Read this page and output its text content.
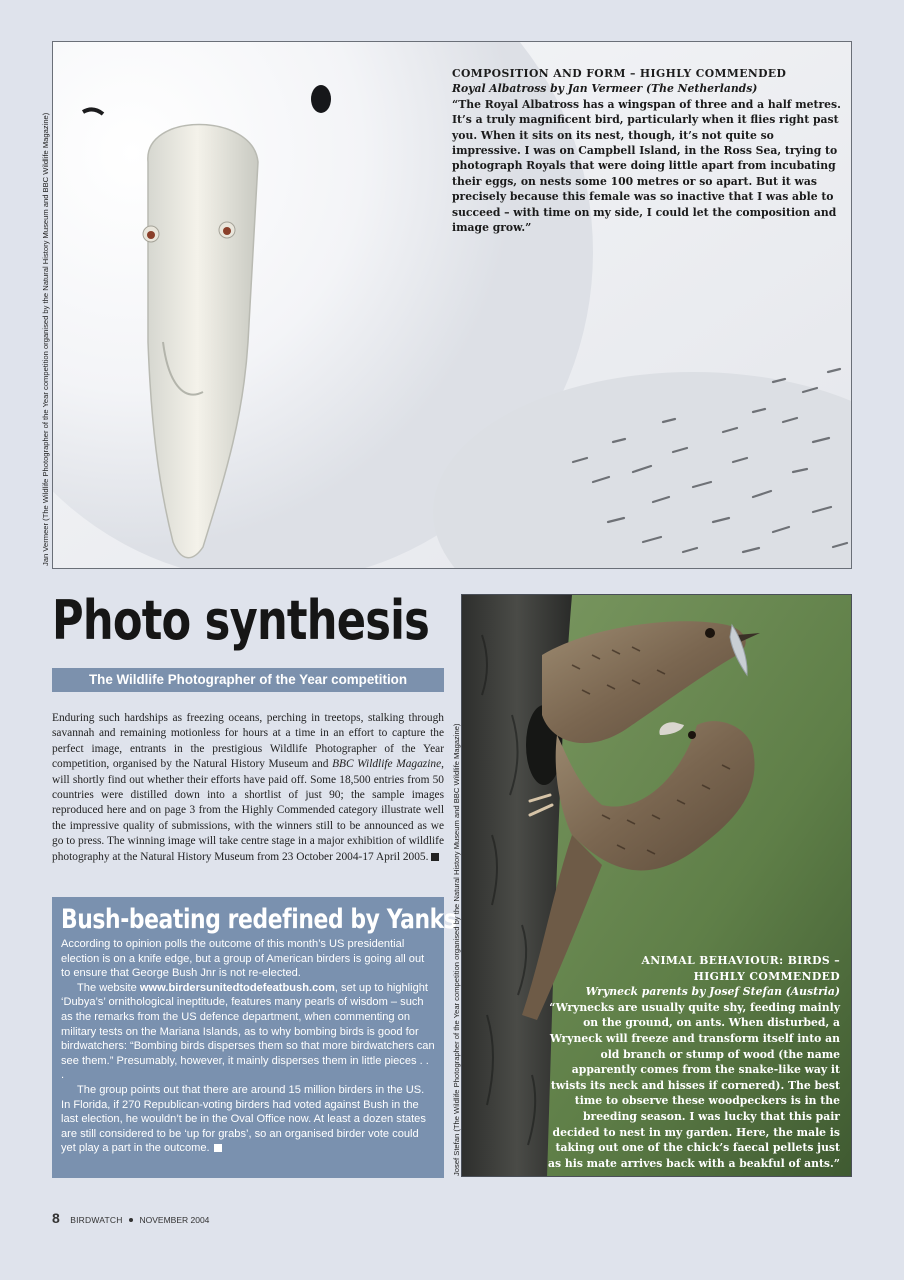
COMPOSITION AND FORM – HIGHLY COMMENDED
Royal Albatross by Jan Vermeer (The Netherlands)
“The Royal Albatross has a wingspan of three and a half metres. It’s a truly magnificent bird, particularly when it flies right past you. When it sits on its nest, though, it’s not quite so impressive. I was on Campbell Island, in the Ross Sea, trying to photograph Royals that were doing little apart from incubating their eggs, on nests some 100 metres or so apart. But it was precisely because this female was so inactive that I was able to succeed – with time on my side, I could let the composition and image grow.”
Jan Vermeer (The Wildlife Photographer of the Year competition organised by the Natural History Museum and BBC Wildlife Magazine)
Photo synthesis
The Wildlife Photographer of the Year competition
Enduring such hardships as freezing oceans, perching in treetops, stalking through savannah and remaining motionless for hours at a time in an effort to capture the perfect image, entrants in the prestigious Wildlife Photographer of the Year competition, organised by the Natural History Museum and BBC Wildlife Magazine, will shortly find out whether their efforts have paid off. Some 18,500 entries from 50 countries were distilled down into a shortlist of just 90; the sample images reproduced here and on page 3 from the Highly Commended category illustrate well the impressive quality of submissions, with the winners still to be announced as we go to press. The winning image will take centre stage in a major exhibition of wildlife photography at the Natural History Museum from 23 October 2004-17 April 2005.
Bush-beating redefined by Yanks

According to opinion polls the outcome of this month’s US presidential election is on a knife edge, but a group of American birders is going all out to ensure that George Bush Jnr is not re-elected.

The website www.birdersunitedtodefeatbush.com, set up to highlight ‘Dubya’s’ ornithological ineptitude, features many pearls of wisdom – such as the remarks from the US defence department, when commenting on military tests on the Mariana Islands, as to why bombing birds is good for birdwatchers: “Bombing birds disperses them so that more birdwatchers can see them.” Presumably, however, it mainly disperses them in little pieces . . .

The group points out that there are around 15 million birders in the US. In Florida, if 270 Republican-voting birders had voted against Bush in the last election, he wouldn’t be in the Oval Office now. At least a dozen states are still considered to be ‘up for grabs’, so an organised birder vote could yet play a part in the outcome.

ANIMAL BEHAVIOUR: BIRDS –
HIGHLY COMMENDED
Wryneck parents by Josef Stefan (Austria)
“Wrynecks are usually quite shy, feeding mainly on the ground, on ants. When disturbed, a Wryneck will freeze and transform itself into an old branch or stump of wood (the name apparently comes from the snake-like way it twists its neck and hisses if cornered). The best time to observe these woodpeckers is in the breeding season. I was lucky that this pair decided to nest in my garden. Here, the male is taking out one of the chick’s faecal pellets just as his mate arrives back with a beakful of ants.”
Josef Stefan (The Wildlife Photographer of the Year competition organised by the Natural History Museum and BBC Wildlife Magazine)
8 BIRDWATCH NOVEMBER 2004
